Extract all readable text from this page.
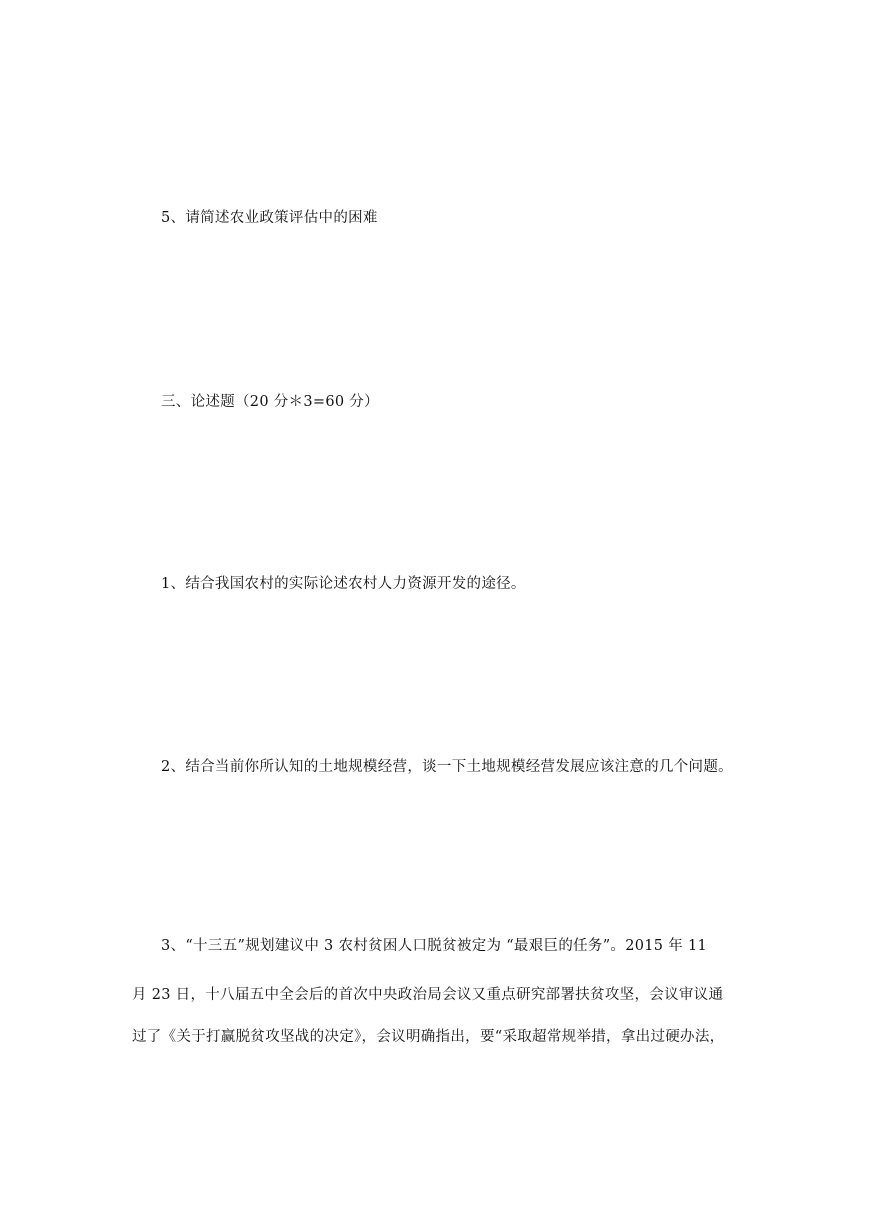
5、请简述农业政策评估中的困难
三、论述题（20 分＊3=60 分）
1、结合我国农村的实际论述农村人力资源开发的途径。
2、结合当前你所认知的土地规模经营，谈一下土地规模经营发展应该注意的几个问题。
3、“十三五”规划建议中 3 农村贫困人口脱贫被定为 “最艰巨的任务”。2015 年 11
月 23 日，十八届五中全会后的首次中央政治局会议又重点研究部署扶贫攻坚，会议审议通
过了《关于打赢脱贫攻坚战的决定》，会议明确指出，要“采取超常规举措，拿出过硬办法，
